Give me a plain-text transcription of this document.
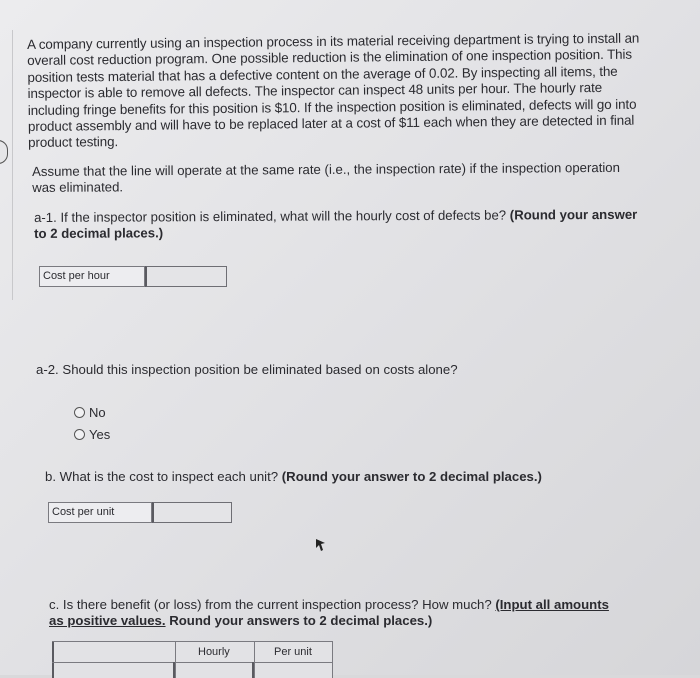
A company currently using an inspection process in its material receiving department is trying to install an overall cost reduction program. One possible reduction is the elimination of one inspection position. This position tests material that has a defective content on the average of 0.02. By inspecting all items, the inspector is able to remove all defects. The inspector can inspect 48 units per hour. The hourly rate including fringe benefits for this position is $10. If the inspection position is eliminated, defects will go into product assembly and will have to be replaced later at a cost of $11 each when they are detected in final product testing.
Assume that the line will operate at the same rate (i.e., the inspection rate) if the inspection operation was eliminated.
a-1. If the inspector position is eliminated, what will the hourly cost of defects be? (Round your answer to 2 decimal places.)
Cost per hour
a-2. Should this inspection position be eliminated based on costs alone?
No
Yes
b. What is the cost to inspect each unit? (Round your answer to 2 decimal places.)
Cost per unit
c. Is there benefit (or loss) from the current inspection process? How much? (Input all amounts as positive values. Round your answers to 2 decimal places.)
Hourly	Per unit
